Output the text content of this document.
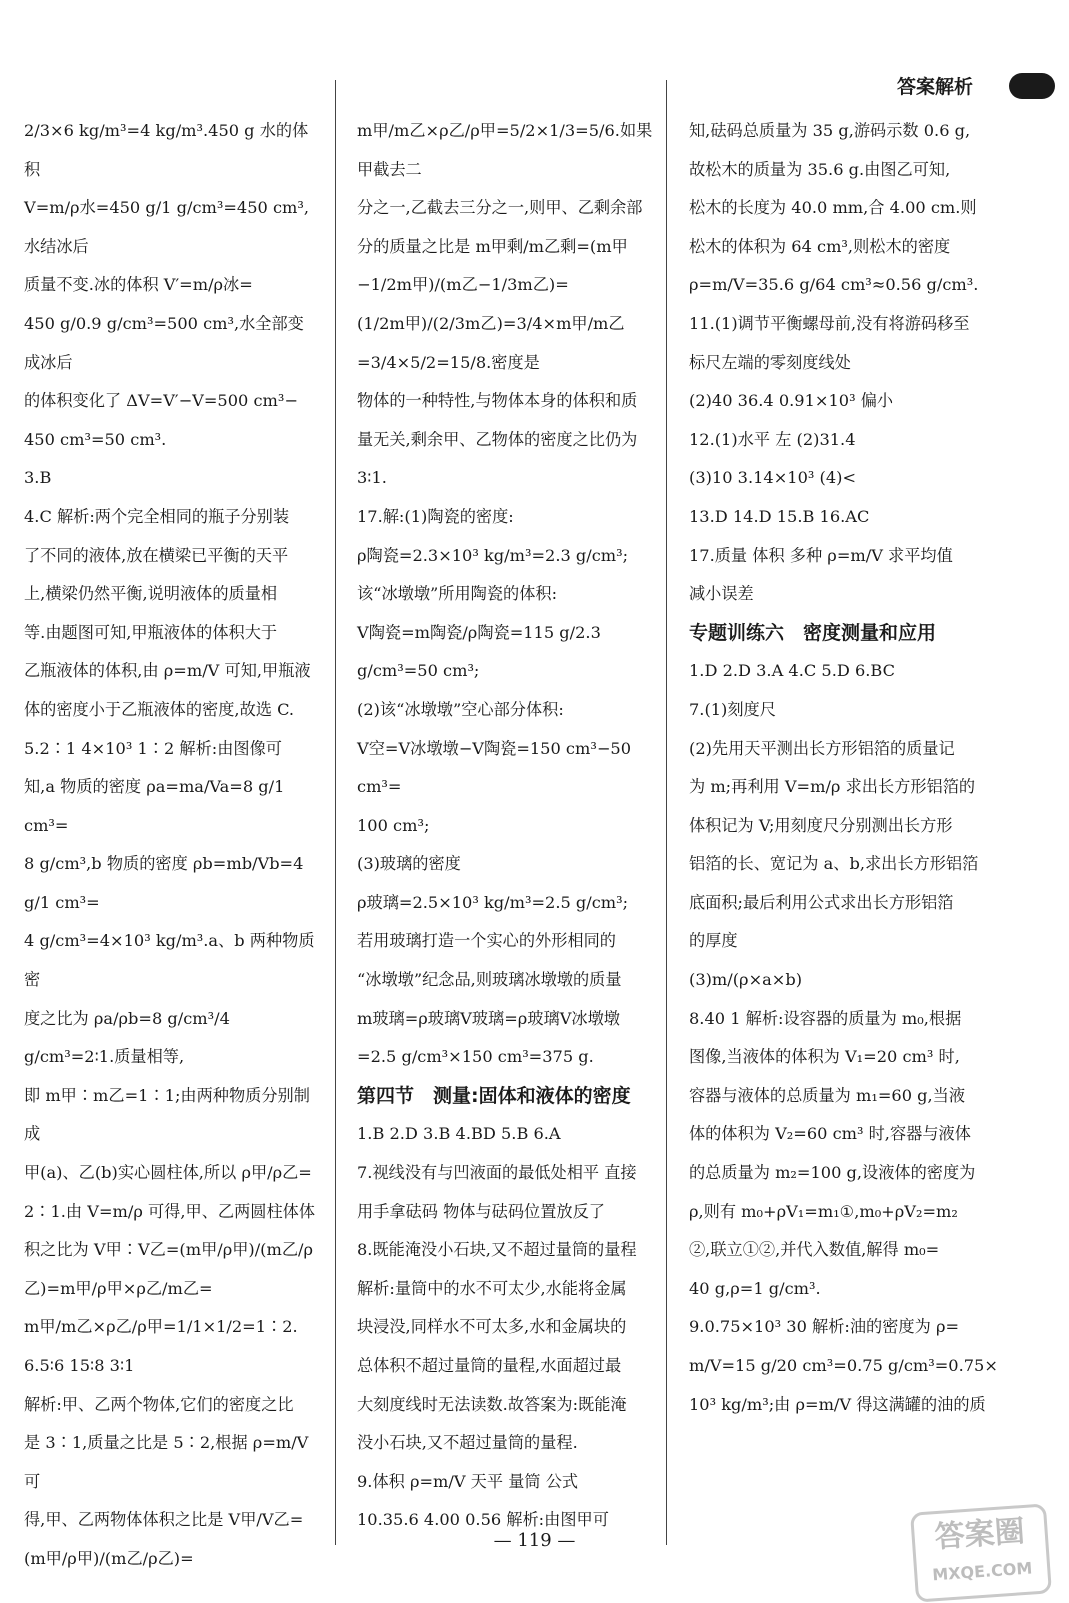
答案解析

2/3×6 kg/m³=4 kg/m³.450 g 水的体积

V=m/ρ水=450 g/1 g/cm³=450 cm³,水结冰后

质量不变.冰的体积 V′=m/ρ冰=

450 g/0.9 g/cm³=500 cm³,水全部变成冰后

的体积变化了 ΔV=V′−V=500 cm³−

450 cm³=50 cm³.

3.B

4.C 解析:两个完全相同的瓶子分别装

了不同的液体,放在横梁已平衡的天平

上,横梁仍然平衡,说明液体的质量相

等.由题图可知,甲瓶液体的体积大于

乙瓶液体的体积,由 ρ=m/V 可知,甲瓶液

体的密度小于乙瓶液体的密度,故选 C.

5.2∶1 4×10³ 1∶2 解析:由图像可

知,a 物质的密度 ρa=ma/Va=8 g/1 cm³=

8 g/cm³,b 物质的密度 ρb=mb/Vb=4 g/1 cm³=

4 g/cm³=4×10³ kg/m³.a、b 两种物质密

度之比为 ρa/ρb=8 g/cm³/4 g/cm³=2∶1.质量相等,

即 m甲∶m乙=1∶1;由两种物质分别制成

甲(a)、乙(b)实心圆柱体,所以 ρ甲/ρ乙=

2∶1.由 V=m/ρ 可得,甲、乙两圆柱体体

积之比为 V甲∶V乙=(m甲/ρ甲)/(m乙/ρ乙)=m甲/ρ甲×ρ乙/m乙=

m甲/m乙×ρ乙/ρ甲=1/1×1/2=1∶2.

6.5∶6 15∶8 3∶1

解析:甲、乙两个物体,它们的密度之比

是 3∶1,质量之比是 5∶2,根据 ρ=m/V 可

得,甲、乙两物体体积之比是 V甲/V乙=(m甲/ρ甲)/(m乙/ρ乙)=

m甲/m乙×ρ乙/ρ甲=5/2×1/3=5/6.如果甲截去二

分之一,乙截去三分之一,则甲、乙剩余部

分的质量之比是 m甲剩/m乙剩=(m甲−1/2m甲)/(m乙−1/3m乙)=

(1/2m甲)/(2/3m乙)=3/4×m甲/m乙=3/4×5/2=15/8.密度是

物体的一种特性,与物体本身的体积和质

量无关,剩余甲、乙物体的密度之比仍为

3∶1.

17.解:(1)陶瓷的密度:

ρ陶瓷=2.3×10³ kg/m³=2.3 g/cm³;

该“冰墩墩”所用陶瓷的体积:

V陶瓷=m陶瓷/ρ陶瓷=115 g/2.3 g/cm³=50 cm³;

(2)该“冰墩墩”空心部分体积:

V空=V冰墩墩−V陶瓷=150 cm³−50 cm³=

100 cm³;

(3)玻璃的密度

ρ玻璃=2.5×10³ kg/m³=2.5 g/cm³;

若用玻璃打造一个实心的外形相同的

“冰墩墩”纪念品,则玻璃冰墩墩的质量

m玻璃=ρ玻璃V玻璃=ρ玻璃V冰墩墩

=2.5 g/cm³×150 cm³=375 g.

第四节　测量:固体和液体的密度

1.B 2.D 3.B 4.BD 5.B 6.A

7.视线没有与凹液面的最低处相平 直接

用手拿砝码 物体与砝码位置放反了

8.既能淹没小石块,又不超过量筒的量程

解析:量筒中的水不可太少,水能将金属

块浸没,同样水不可太多,水和金属块的

总体积不超过量筒的量程,水面超过最

大刻度线时无法读数.故答案为:既能淹

没小石块,又不超过量筒的量程.

9.体积 ρ=m/V 天平 量筒 公式

10.35.6 4.00 0.56 解析:由图甲可

知,砝码总质量为 35 g,游码示数 0.6 g,

故松木的质量为 35.6 g.由图乙可知,

松木的长度为 40.0 mm,合 4.00 cm.则

松木的体积为 64 cm³,则松木的密度

ρ=m/V=35.6 g/64 cm³≈0.56 g/cm³.

11.(1)调节平衡螺母前,没有将游码移至

标尺左端的零刻度线处

(2)40 36.4 0.91×10³ 偏小

12.(1)水平 左 (2)31.4

(3)10 3.14×10³ (4)<

13.D 14.D 15.B 16.AC

17.质量 体积 多种 ρ=m/V 求平均值

减小误差

专题训练六　密度测量和应用

1.D 2.D 3.A 4.C 5.D 6.BC

7.(1)刻度尺

(2)先用天平测出长方形铝箔的质量记

为 m;再利用 V=m/ρ 求出长方形铝箔的

体积记为 V;用刻度尺分别测出长方形

铝箔的长、宽记为 a、b,求出长方形铝箔

底面积;最后利用公式求出长方形铝箔

的厚度

(3)m/(ρ×a×b)

8.40 1 解析:设容器的质量为 m₀,根据

图像,当液体的体积为 V₁=20 cm³ 时,

容器与液体的总质量为 m₁=60 g,当液

体的体积为 V₂=60 cm³ 时,容器与液体

的总质量为 m₂=100 g,设液体的密度为

ρ,则有 m₀+ρV₁=m₁①,m₀+ρV₂=m₂

②,联立①②,并代入数值,解得 m₀=

40 g,ρ=1 g/cm³.

9.0.75×10³ 30 解析:油的密度为 ρ=

m/V=15 g/20 cm³=0.75 g/cm³=0.75×

10³ kg/m³;由 ρ=m/V 得这满罐的油的质

— 119 —	答案圈
MXQE.COM
